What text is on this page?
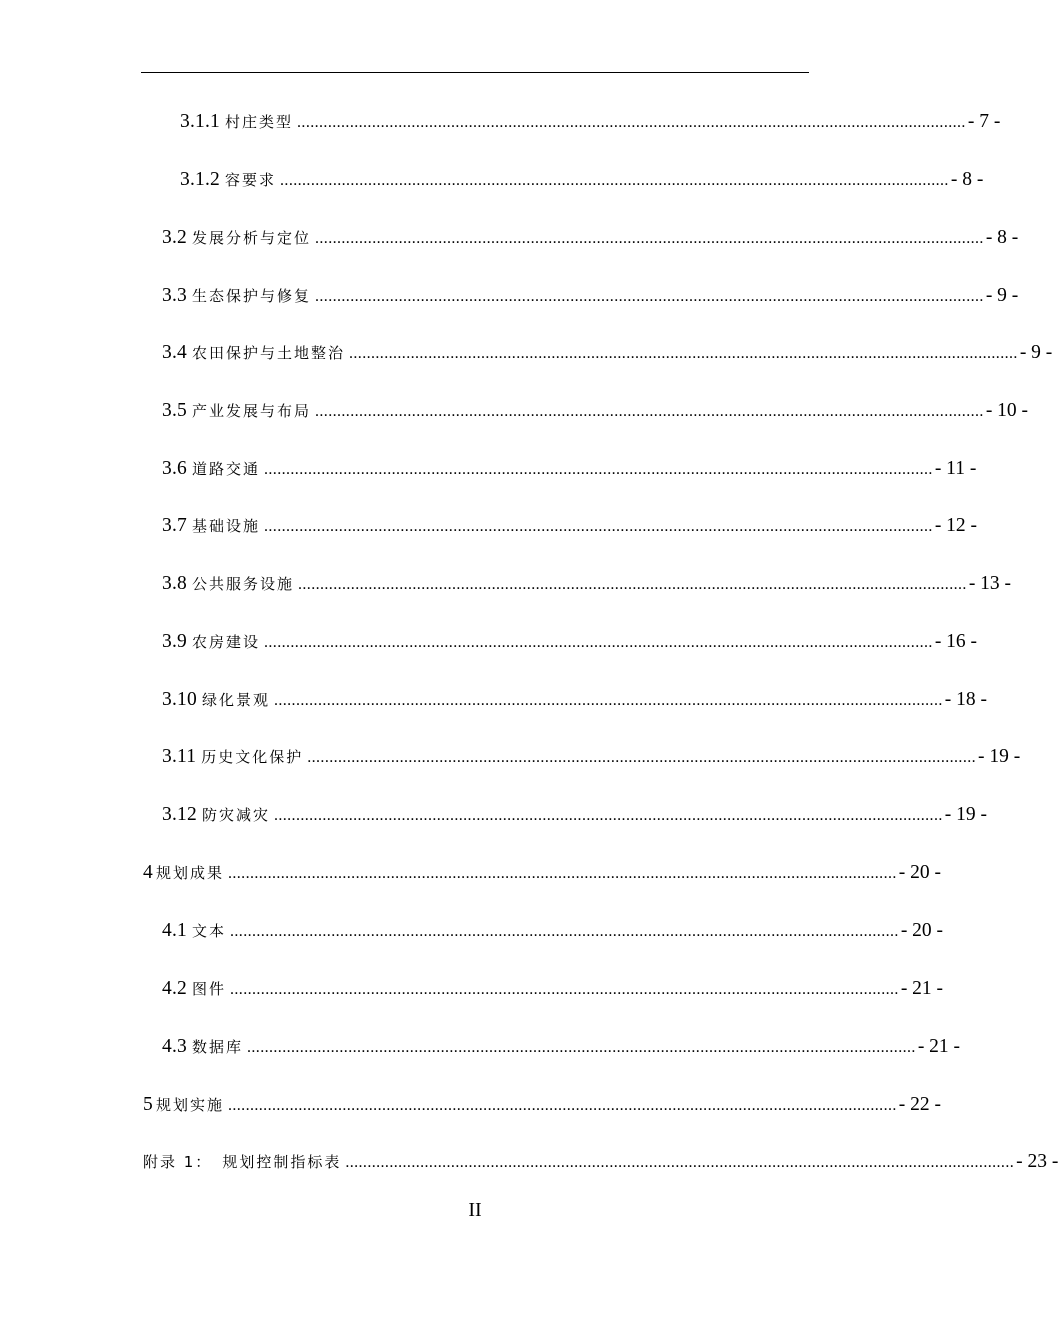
3.1.1 村庄类型 ........................................................................................................................................................ - 7 -
3.1.2 容要求 ........................................................................................................................................................ - 8 -
3.2 发展分析与定位 ........................................................................................................................................................ - 8 -
3.3 生态保护与修复 ........................................................................................................................................................ - 9 -
3.4 农田保护与土地整治 ........................................................................................................................................................ - 9 -
3.5 产业发展与布局 ........................................................................................................................................................ - 10 -
3.6 道路交通 ........................................................................................................................................................ - 11 -
3.7 基础设施 ........................................................................................................................................................ - 12 -
3.8 公共服务设施 ........................................................................................................................................................ - 13 -
3.9 农房建设 ........................................................................................................................................................ - 16 -
3.10 绿化景观 ........................................................................................................................................................ - 18 -
3.11 历史文化保护 ........................................................................................................................................................ - 19 -
3.12 防灾减灾 ........................................................................................................................................................ - 19 -
4 规划成果 ........................................................................................................................................................ - 20 -
4.1 文本 ........................................................................................................................................................ - 20 -
4.2 图件 ........................................................................................................................................................ - 21 -
4.3 数据库 ........................................................................................................................................................ - 21 -
5 规划实施 ........................................................................................................................................................ - 22 -
附录 1： 规划控制指标表 ........................................................................................................................................................ - 23 -
II
